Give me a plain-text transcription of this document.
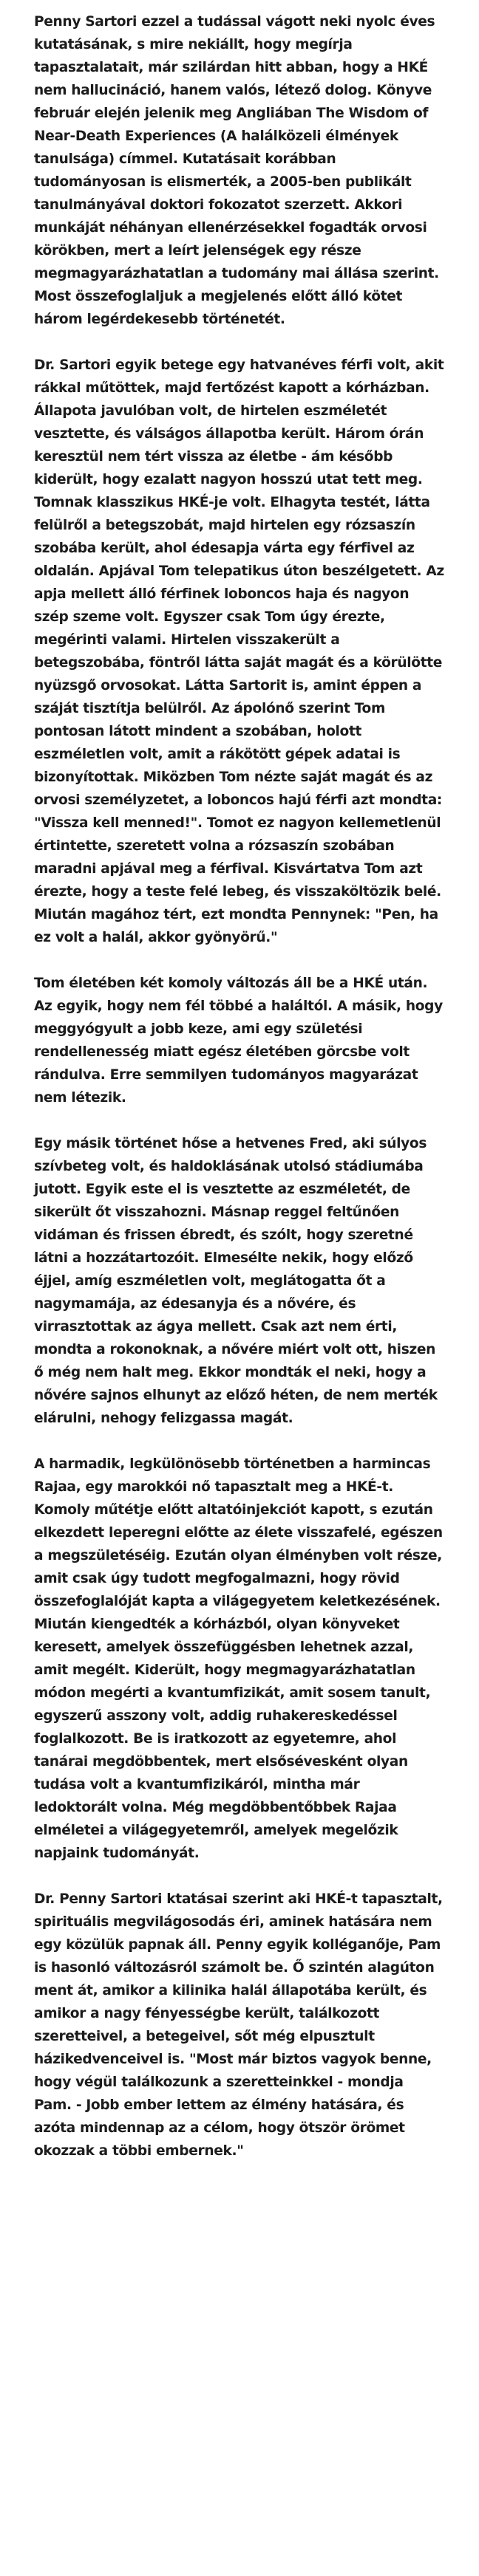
Penny Sartori ezzel a tudással vágott neki nyolc éves kutatásának, s mire nekiállt, hogy megírja tapasztalatait, már szilárdan hitt abban, hogy a HKÉ nem hallucináció, hanem valós, létező dolog. Könyve február elején jelenik meg Angliában The Wisdom of Near-Death Experiences (A halálközeli élmények tanulsága) címmel. Kutatásait korábban tudományosan is elismerték, a 2005-ben publikált tanulmányával doktori fokozatot szerzett. Akkori munkáját néhányan ellenérzésekkel fogadták orvosi körökben, mert a leírt jelenségek egy része megmagyarázhatatlan a tudomány mai állása szerint. Most összefoglaljuk a megjelenés előtt álló kötet három legérdekesebb történetét.

Dr. Sartori egyik betege egy hatvanéves férfi volt, akit rákkal műtöttek, majd fertőzést kapott a kórházban. Állapota javulóban volt, de hirtelen eszméletét vesztette, és válságos állapotba került. Három órán keresztül nem tért vissza az életbe - ám később kiderült, hogy ezalatt nagyon hosszú utat tett meg. Tomnak klasszikus HKÉ-je volt. Elhagyta testét, látta felülről a betegszobát, majd hirtelen egy rózsaszín szobába került, ahol édesapja várta egy férfivel az oldalán. Apjával Tom telepatikus úton beszélgetett. Az apja mellett álló férfinek loboncos haja és nagyon szép szeme volt. Egyszer csak Tom úgy érezte, megérinti valami. Hirtelen visszakerült a betegszobába, föntről látta saját magát és a körülötte nyüzsgő orvosokat. Látta Sartorit is, amint éppen a száját tisztítja belülről. Az ápolónő szerint Tom pontosan látott mindent a szobában, holott eszméletlen volt, amit a rákötött gépek adatai is bizonyítottak. Miközben Tom nézte saját magát és az orvosi személyzetet, a loboncos hajú férfi azt mondta: "Vissza kell menned!". Tomot ez nagyon kellemetlenül értintette, szeretett volna a rózsaszín szobában maradni apjával meg a férfival. Kisvártatva Tom azt érezte, hogy a teste felé lebeg, és visszaköltözik belé. Miután magához tért, ezt mondta Pennynek: "Pen, ha ez volt a halál, akkor gyönyörű."

Tom életében két komoly változás áll be a HKÉ után. Az egyik, hogy nem fél többé a haláltól. A másik, hogy meggyógyult a jobb keze, ami egy születési rendellenesség miatt egész életében görcsbe volt rándulva. Erre semmilyen tudományos magyarázat nem létezik.

Egy másik történet hőse a hetvenes Fred, aki súlyos szívbeteg volt, és haldoklásának utolsó stádiumába jutott. Egyik este el is vesztette az eszméletét, de sikerült őt visszahozni. Másnap reggel feltűnően vidáman és frissen ébredt, és szólt, hogy szeretné látni a hozzátartozóit. Elmesélte nekik, hogy előző éjjel, amíg eszméletlen volt, meglátogatta őt a nagymamája, az édesanyja és a nővére, és virrasztottak az ágya mellett. Csak azt nem érti, mondta a rokonoknak, a nővére miért volt ott, hiszen ő még nem halt meg. Ekkor mondták el neki, hogy a nővére sajnos elhunyt az előző héten, de nem merték elárulni, nehogy felizgassa magát.

A harmadik, legkülönösebb történetben a harmincas Rajaa, egy marokkói nő tapasztalt meg a HKÉ-t. Komoly műtétje előtt altatóinjekciót kapott, s ezután elkezdett leperegni előtte az élete visszafelé, egészen a megszületéséig. Ezután olyan élményben volt része, amit csak úgy tudott megfogalmazni, hogy rövid összefoglalóját kapta a világegyetem keletkezésének. Miután kiengedték a kórházból, olyan könyveket keresett, amelyek összefüggésben lehetnek azzal, amit megélt. Kiderült, hogy megmagyarázhatatlan módon megérti a kvantumfizikát, amit sosem tanult, egyszerű asszony volt, addig ruhakereskedéssel foglalkozott. Be is iratkozott az egyetemre, ahol tanárai megdöbbentek, mert elsősévesként olyan tudása volt a kvantumfizikáról, mintha már ledoktorált volna. Még megdöbbentőbbek Rajaa elméletei a világegyetemről, amelyek megelőzik napjaink tudományát.

Dr. Penny Sartori ktatásai szerint aki HKÉ-t tapasztalt, spirituális megvilágosodás éri, aminek hatására nem egy közülük papnak áll. Penny egyik kolléganője, Pam is hasonló változásról számolt be. Ő szintén alagúton ment át, amikor a kilinika halál állapotába került, és amikor a nagy fényességbe került, találkozott szeretteivel, a betegeivel, sőt még elpusztult házikedvenceivel is. "Most már biztos vagyok benne, hogy végül találkozunk a szeretteinkkel - mondja Pam. - Jobb ember lettem az élmény hatására, és azóta mindennap az a célom, hogy ötször örömet okozzak a többi embernek."
